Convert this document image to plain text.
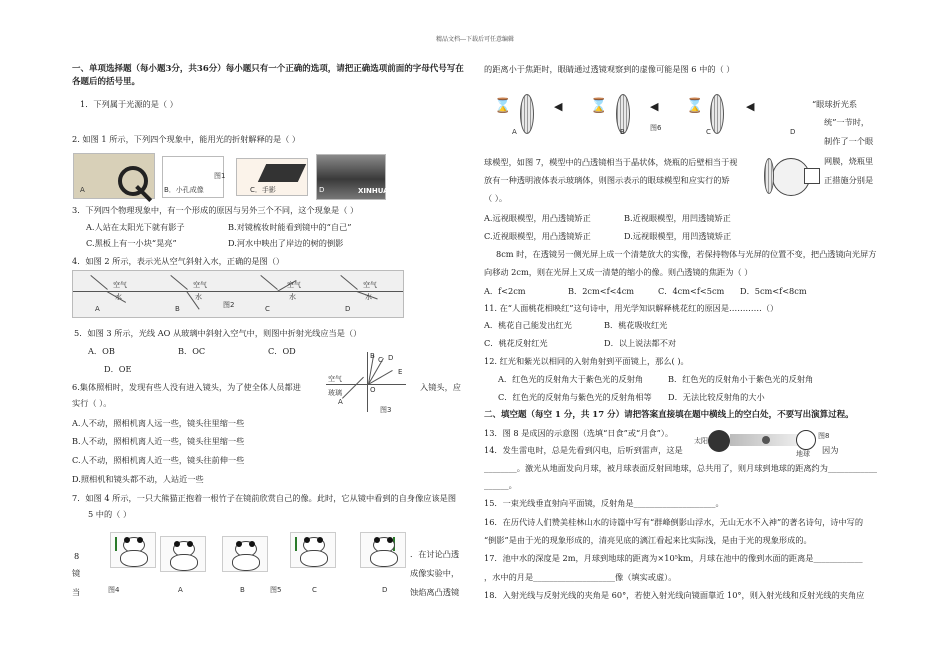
精品文档---下载后可任意编辑
一、单项选择题（每小题3分，共36分）每小题只有一个正确的选项，请把正确选项前面的字母代号写在
各题后的括号里。
1．下列属于光源的是（ ）
2. 如图 1 所示，下列四个现象中，能用光的折射解释的是（ ）
XINHUA
图1
A	B．小孔成像	C．手影	D
3．下列四个物理现象中，有一个形成的原因与另外三个不同，这个现象是（ ）
A.人站在太阳光下就有影子	B.对镜梳妆时能看到镜中的“自己”
C.黑板上有一小块“晃亮”	D.河水中映出了岸边的树的倒影
4．如图 2 所示，表示光从空气斜射入水，正确的是图（）
空气
水
空气
水
空气
水
空气
水
图2
A	B	C	D
5．如图 3 所示，光线 AO 从玻璃中斜射入空气中，则图中折射光线应当是（）
A．OB	B．OC	C．OD
D．OE
空气
玻璃
A
B C D
E
O
图3
6.集体照相时，发现有些人没有进入镜头，为了使全体人员都进	入镜头，应
实行（ ）。
A.人不动，照相机离人远一些，镜头往里缩一些
B.人不动，照相机离人近一些，镜头往里缩一些
C.人不动，照相机离人近一些，镜头往前伸一些
D.照相机和镜头都不动，人站近一些
7．如图 4 所示，一只大熊猫正抱着一根竹子在镜前欣赏自己的像。此时，它从镜中看到的自身像应该是图
5 中的（ ）
图4	A	B	图5	C	D
8
镜
当
．在讨论凸透
成像实验中，
蚀焰离凸透镜
的距离小于焦距时，眼睛通过透镜观察到的虚像可能是图 6 中的（ ）
⌛	◀ ⌛	◀ ⌛	◀
A	B	图6	C	D
“眼球折光系
统”一节时，
制作了一个眼
网膜，烧瓶里
正措施分别是
球模型，如图 7，模型中的凸透镜相当于晶状体，烧瓶的后壁相当于视
放有一种透明液体表示玻璃体，则图示表示的眼球模型和应实行的矫
（ ）。
A.远视眼模型，用凸透镜矫正	B.近视眼模型，用凹透镜矫正
C.近视眼模型，用凸透镜矫正	D.远视眼模型，用凹透镜矫正
8cm 时，在透镜另一侧光屏上成一个清楚放大的实像，若保持物体与光屏的位置不变，把凸透镜向光屏方
向移动 2cm，则在光屏上又成一清楚的缩小的像。则凸透镜的焦距为（ ）
A．f<2cm	B．2cm<f<4cm	C．4cm<f<5cm D．5cm<f<8cm
11. 在“人面桃花相映红”这句诗中，用光学知识解释桃花红的原因是…………（）
A．桃花自己能发出红光	B．桃花吸收红光
C．桃花反射红光	D．以上说法都不对
12. 红光和紫光以相同的入射角射到平面镜上，那么( )。
A．红色光的反射角大于紫色光的反射角	B．红色光的反射角小于紫色光的反射角
C．红色光的反射角与紫色光的反射角相等 D．无法比较反射角的大小
二、填空题（每空 1 分，共 17 分）请把答案直接填在题中横线上的空白处，不要写出演算过程。
13．图 8 是成因的示意图（选填“日食”或“月食”）。
14．发生雷电时，总是先看到闪电，后听到雷声，这是	因为
太阳
地球
图8
________。激光从地面发向月球，被月球表面反射回地球，总共用了，则月球到地球的距离约为____________
______。
15．一束光线垂直射向平面镜，反射角是____________________。
16．在历代诗人们赞美桂林山水的诗篇中写有“群峰倒影山浮水，无山无水不入神”的著名诗句，诗中写的
“倒影”是由于光的现象形成的，清亮见底的漓江看起来比实际浅，是由于光的现象形成的。
17．池中水的深度是 2m，月球到地球的距离为×10⁵km，月球在池中的像到水面的距离是____________
，水中的月是____________________像（填实或虚）。
18．入射光线与反射光线的夹角是 60°，若使入射光线向镜面靠近 10°，则入射光线和反射光线的夹角应
